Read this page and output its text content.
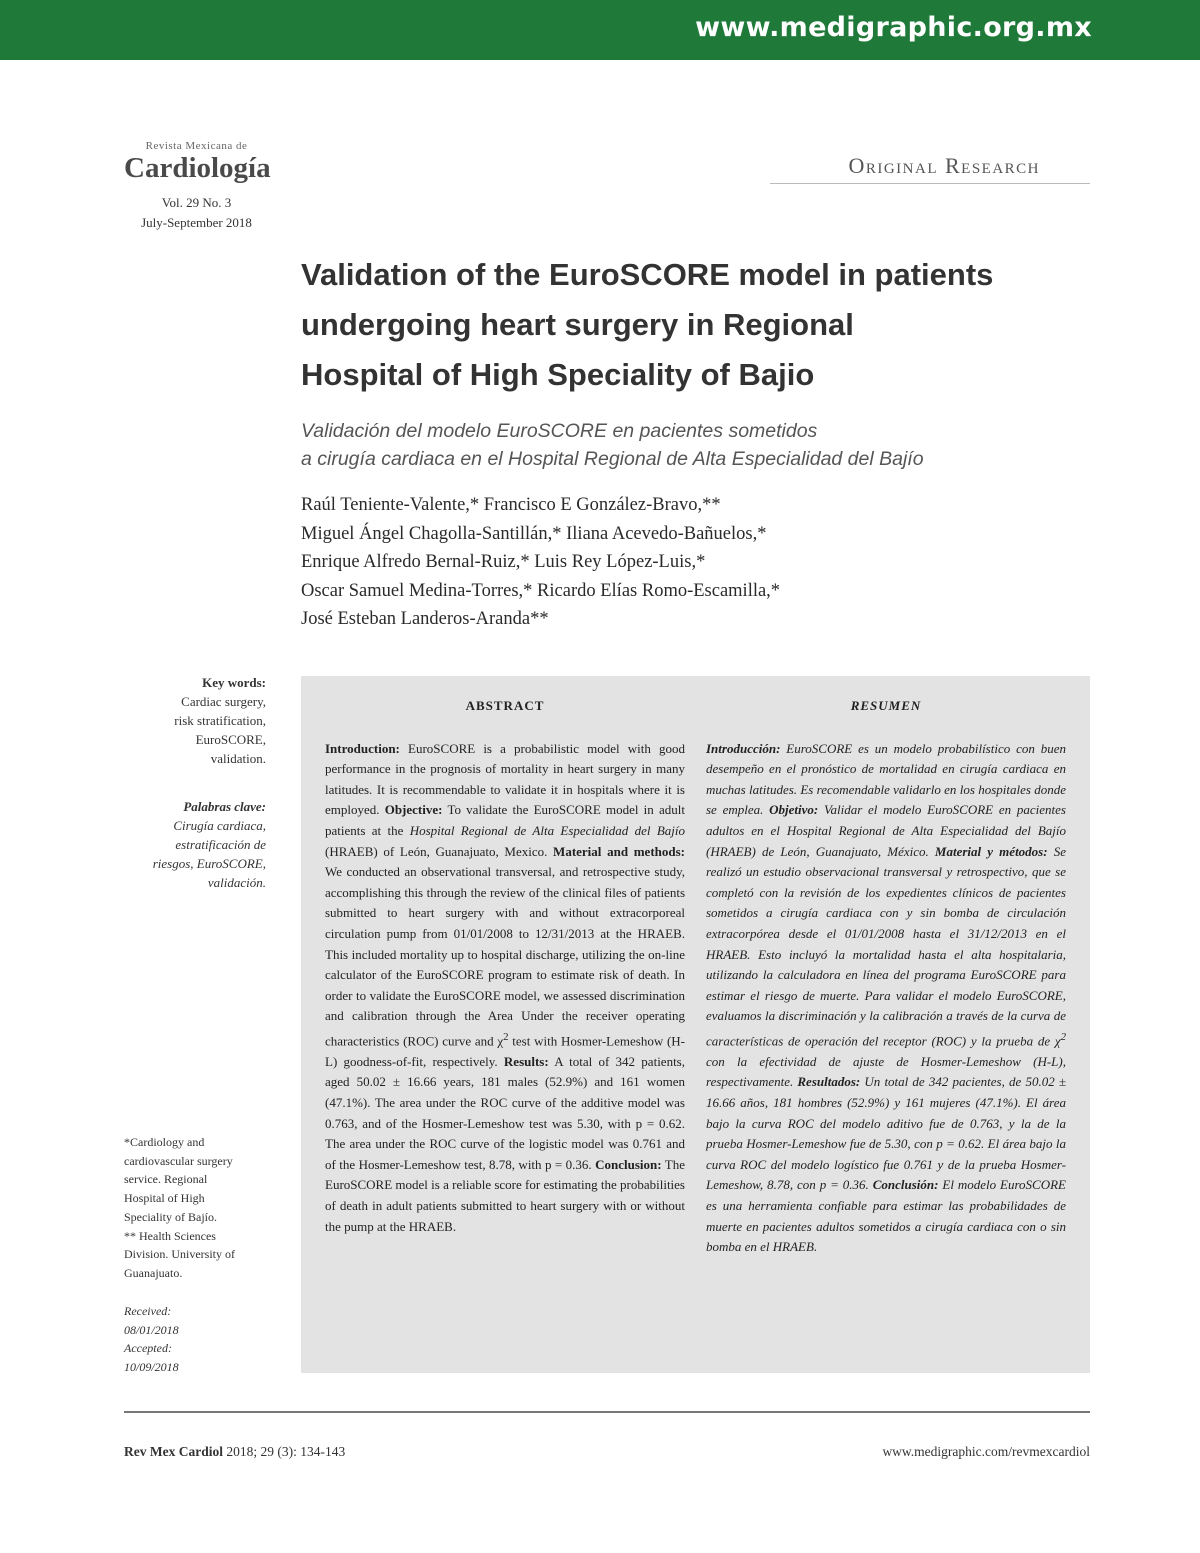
www.medigraphic.org.mx
Revista Mexicana de
Cardiología
Vol. 29 No. 3
July-September 2018
Original Research
Validation of the EuroSCORE model in patients
undergoing heart surgery in Regional
Hospital of High Speciality of Bajio
Validación del modelo EuroSCORE en pacientes sometidos
a cirugía cardiaca en el Hospital Regional de Alta Especialidad del Bajío
Raúl Teniente-Valente,* Francisco E González-Bravo,**
Miguel Ángel Chagolla-Santillán,* Iliana Acevedo-Bañuelos,*
Enrique Alfredo Bernal-Ruiz,* Luis Rey López-Luis,*
Oscar Samuel Medina-Torres,* Ricardo Elías Romo-Escamilla,*
José Esteban Landeros-Aranda**
Key words:
Cardiac surgery,
risk stratification,
EuroSCORE,
validation.
Palabras clave:
Cirugía cardiaca,
estratificación de
riesgos, EuroSCORE,
validación.
*Cardiology and
cardiovascular surgery
service. Regional
Hospital of High
Speciality of Bajío.
** Health Sciences
Division. University of
Guanajuato.
Received:
08/01/2018
Accepted:
10/09/2018
ABSTRACT
Introduction: EuroSCORE is a probabilistic model with good performance in the prognosis of mortality in heart surgery in many latitudes. It is recommendable to validate it in hospitals where it is employed. Objective: To validate the EuroSCORE model in adult patients at the Hospital Regional de Alta Especialidad del Bajío (HRAEB) of León, Guanajuato, Mexico. Material and methods: We conducted an observational transversal, and retrospective study, accomplishing this through the review of the clinical files of patients submitted to heart surgery with and without extracorporeal circulation pump from 01/01/2008 to 12/31/2013 at the HRAEB. This included mortality up to hospital discharge, utilizing the on-line calculator of the EuroSCORE program to estimate risk of death. In order to validate the EuroSCORE model, we assessed discrimination and calibration through the Area Under the receiver operating characteristics (ROC) curve and $\chi^2$ test with Hosmer-Lemeshow (H-L) goodness-of-fit, respectively. Results: A total of 342 patients, aged 50.02 ± 16.66 years, 181 males (52.9%) and 161 women (47.1%). The area under the ROC curve of the additive model was 0.763, and of the Hosmer-Lemeshow test was 5.30, with p = 0.62. The area under the ROC curve of the logistic model was 0.761 and of the Hosmer-Lemeshow test, 8.78, with p = 0.36. Conclusion: The EuroSCORE model is a reliable score for estimating the probabilities of death in adult patients submitted to heart surgery with or without the pump at the HRAEB.
RESUMEN
Introducción: EuroSCORE es un modelo probabilístico con buen desempeño en el pronóstico de mortalidad en cirugía cardiaca en muchas latitudes. Es recomendable validarlo en los hospitales donde se emplea. Objetivo: Validar el modelo EuroSCORE en pacientes adultos en el Hospital Regional de Alta Especialidad del Bajío (HRAEB) de León, Guanajuato, México. Material y métodos: Se realizó un estudio observacional transversal y retrospectivo, que se completó con la revisión de los expedientes clínicos de pacientes sometidos a cirugía cardiaca con y sin bomba de circulación extracorpórea desde el 01/01/2008 hasta el 31/12/2013 en el HRAEB. Esto incluyó la mortalidad hasta el alta hospitalaria, utilizando la calculadora en línea del programa EuroSCORE para estimar el riesgo de muerte. Para validar el modelo EuroSCORE, evaluamos la discriminación y la calibración a través de la curva de características de operación del receptor (ROC) y la prueba de $\chi^2$ con la efectividad de ajuste de Hosmer-Lemeshow (H-L), respectivamente. Resultados: Un total de 342 pacientes, de 50.02 ± 16.66 años, 181 hombres (52.9%) y 161 mujeres (47.1%). El área bajo la curva ROC del modelo aditivo fue de 0.763, y la de la prueba Hosmer-Lemeshow fue de 5.30, con p = 0.62. El área bajo la curva ROC del modelo logístico fue 0.761 y de la prueba Hosmer-Lemeshow, 8.78, con p = 0.36. Conclusión: El modelo EuroSCORE es una herramienta confiable para estimar las probabilidades de muerte en pacientes adultos sometidos a cirugía cardiaca con o sin bomba en el HRAEB.
Rev Mex Cardiol 2018; 29 (3): 134-143	www.medigraphic.com/revmexcardiol
